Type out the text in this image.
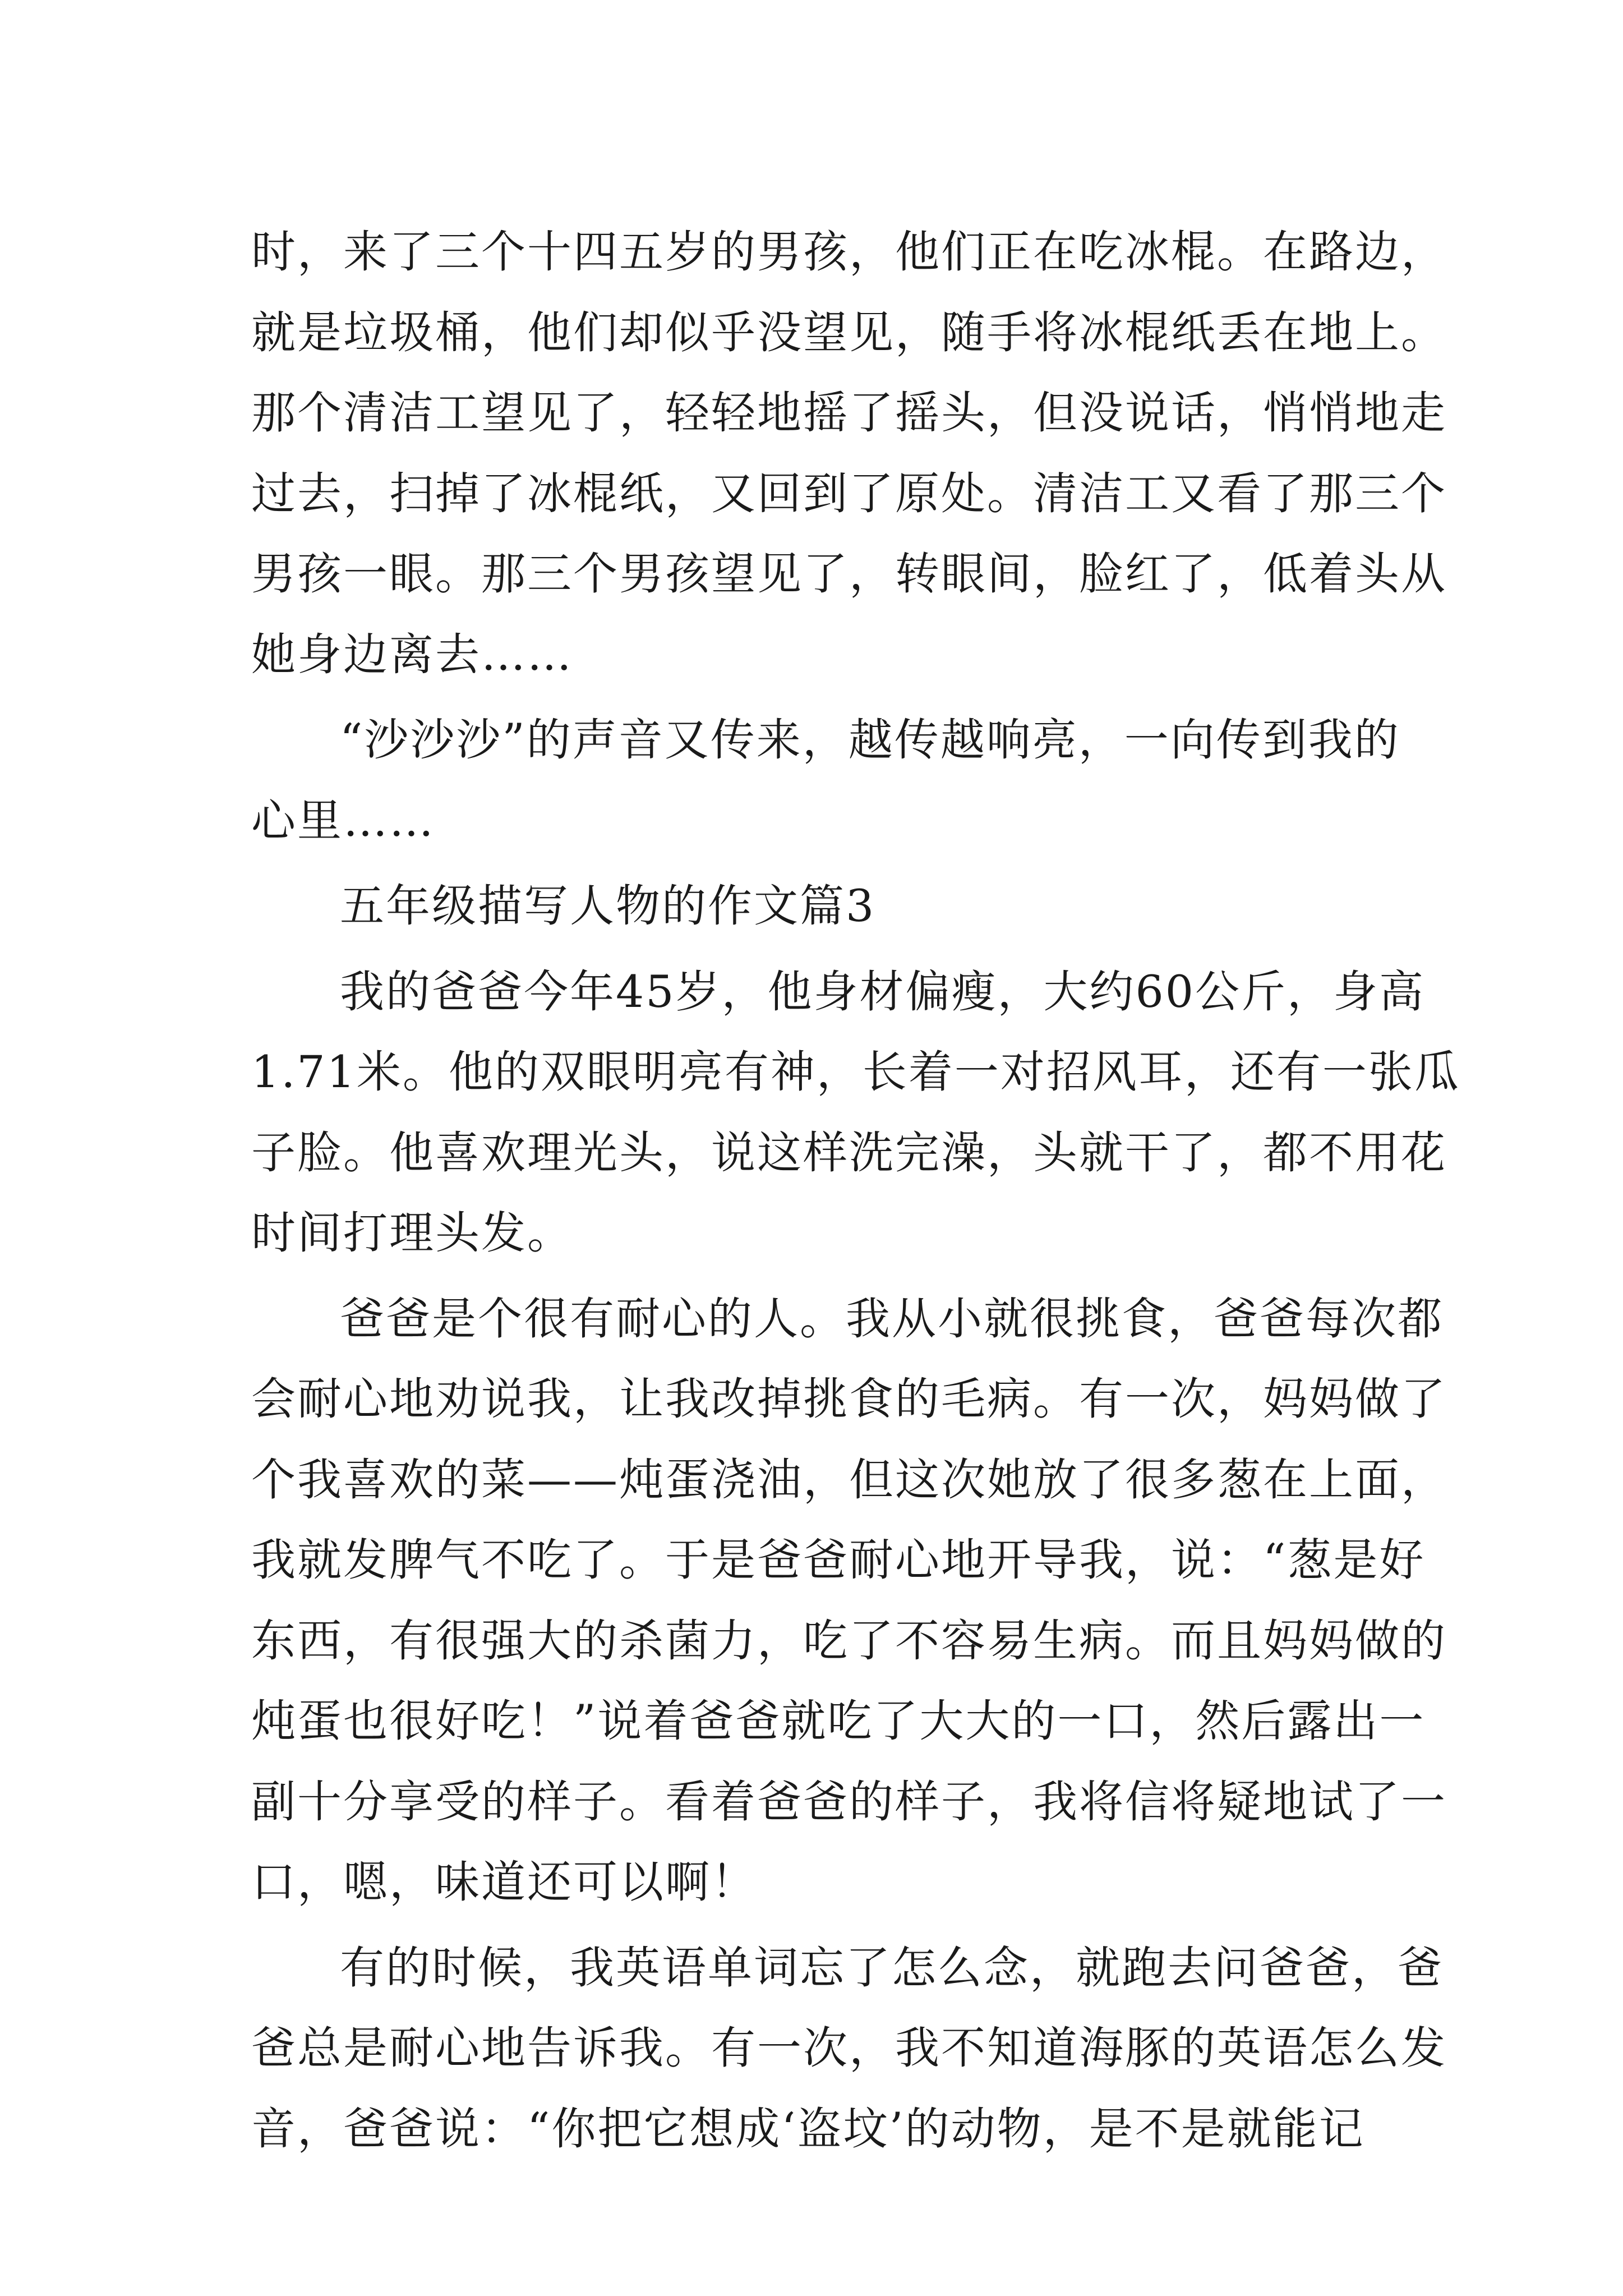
时，来了三个十四五岁的男孩，他们正在吃冰棍。在路边，
就是垃圾桶，他们却似乎没望见，随手将冰棍纸丢在地上。
那个清洁工望见了，轻轻地摇了摇头，但没说话，悄悄地走
过去，扫掉了冰棍纸，又回到了原处。清洁工又看了那三个
男孩一眼。那三个男孩望见了，转眼间，脸红了，低着头从
她身边离去……
“沙沙沙”的声音又传来，越传越响亮，一向传到我的
心里……
五年级描写人物的作文篇3
我的爸爸今年45岁，他身材偏瘦，大约60公斤，身高
1.71米。他的双眼明亮有神，长着一对招风耳，还有一张瓜
子脸。他喜欢理光头，说这样洗完澡，头就干了，都不用花
时间打理头发。
爸爸是个很有耐心的人。我从小就很挑食，爸爸每次都
会耐心地劝说我，让我改掉挑食的毛病。有一次，妈妈做了
个我喜欢的菜——炖蛋浇油，但这次她放了很多葱在上面，
我就发脾气不吃了。于是爸爸耐心地开导我，说：“葱是好
东西，有很强大的杀菌力，吃了不容易生病。而且妈妈做的
炖蛋也很好吃！”说着爸爸就吃了大大的一口，然后露出一
副十分享受的样子。看着爸爸的样子，我将信将疑地试了一
口，嗯，味道还可以啊！
有的时候，我英语单词忘了怎么念，就跑去问爸爸，爸
爸总是耐心地告诉我。有一次，我不知道海豚的英语怎么发
音，爸爸说：“你把它想成‘盗坟’的动物，是不是就能记
